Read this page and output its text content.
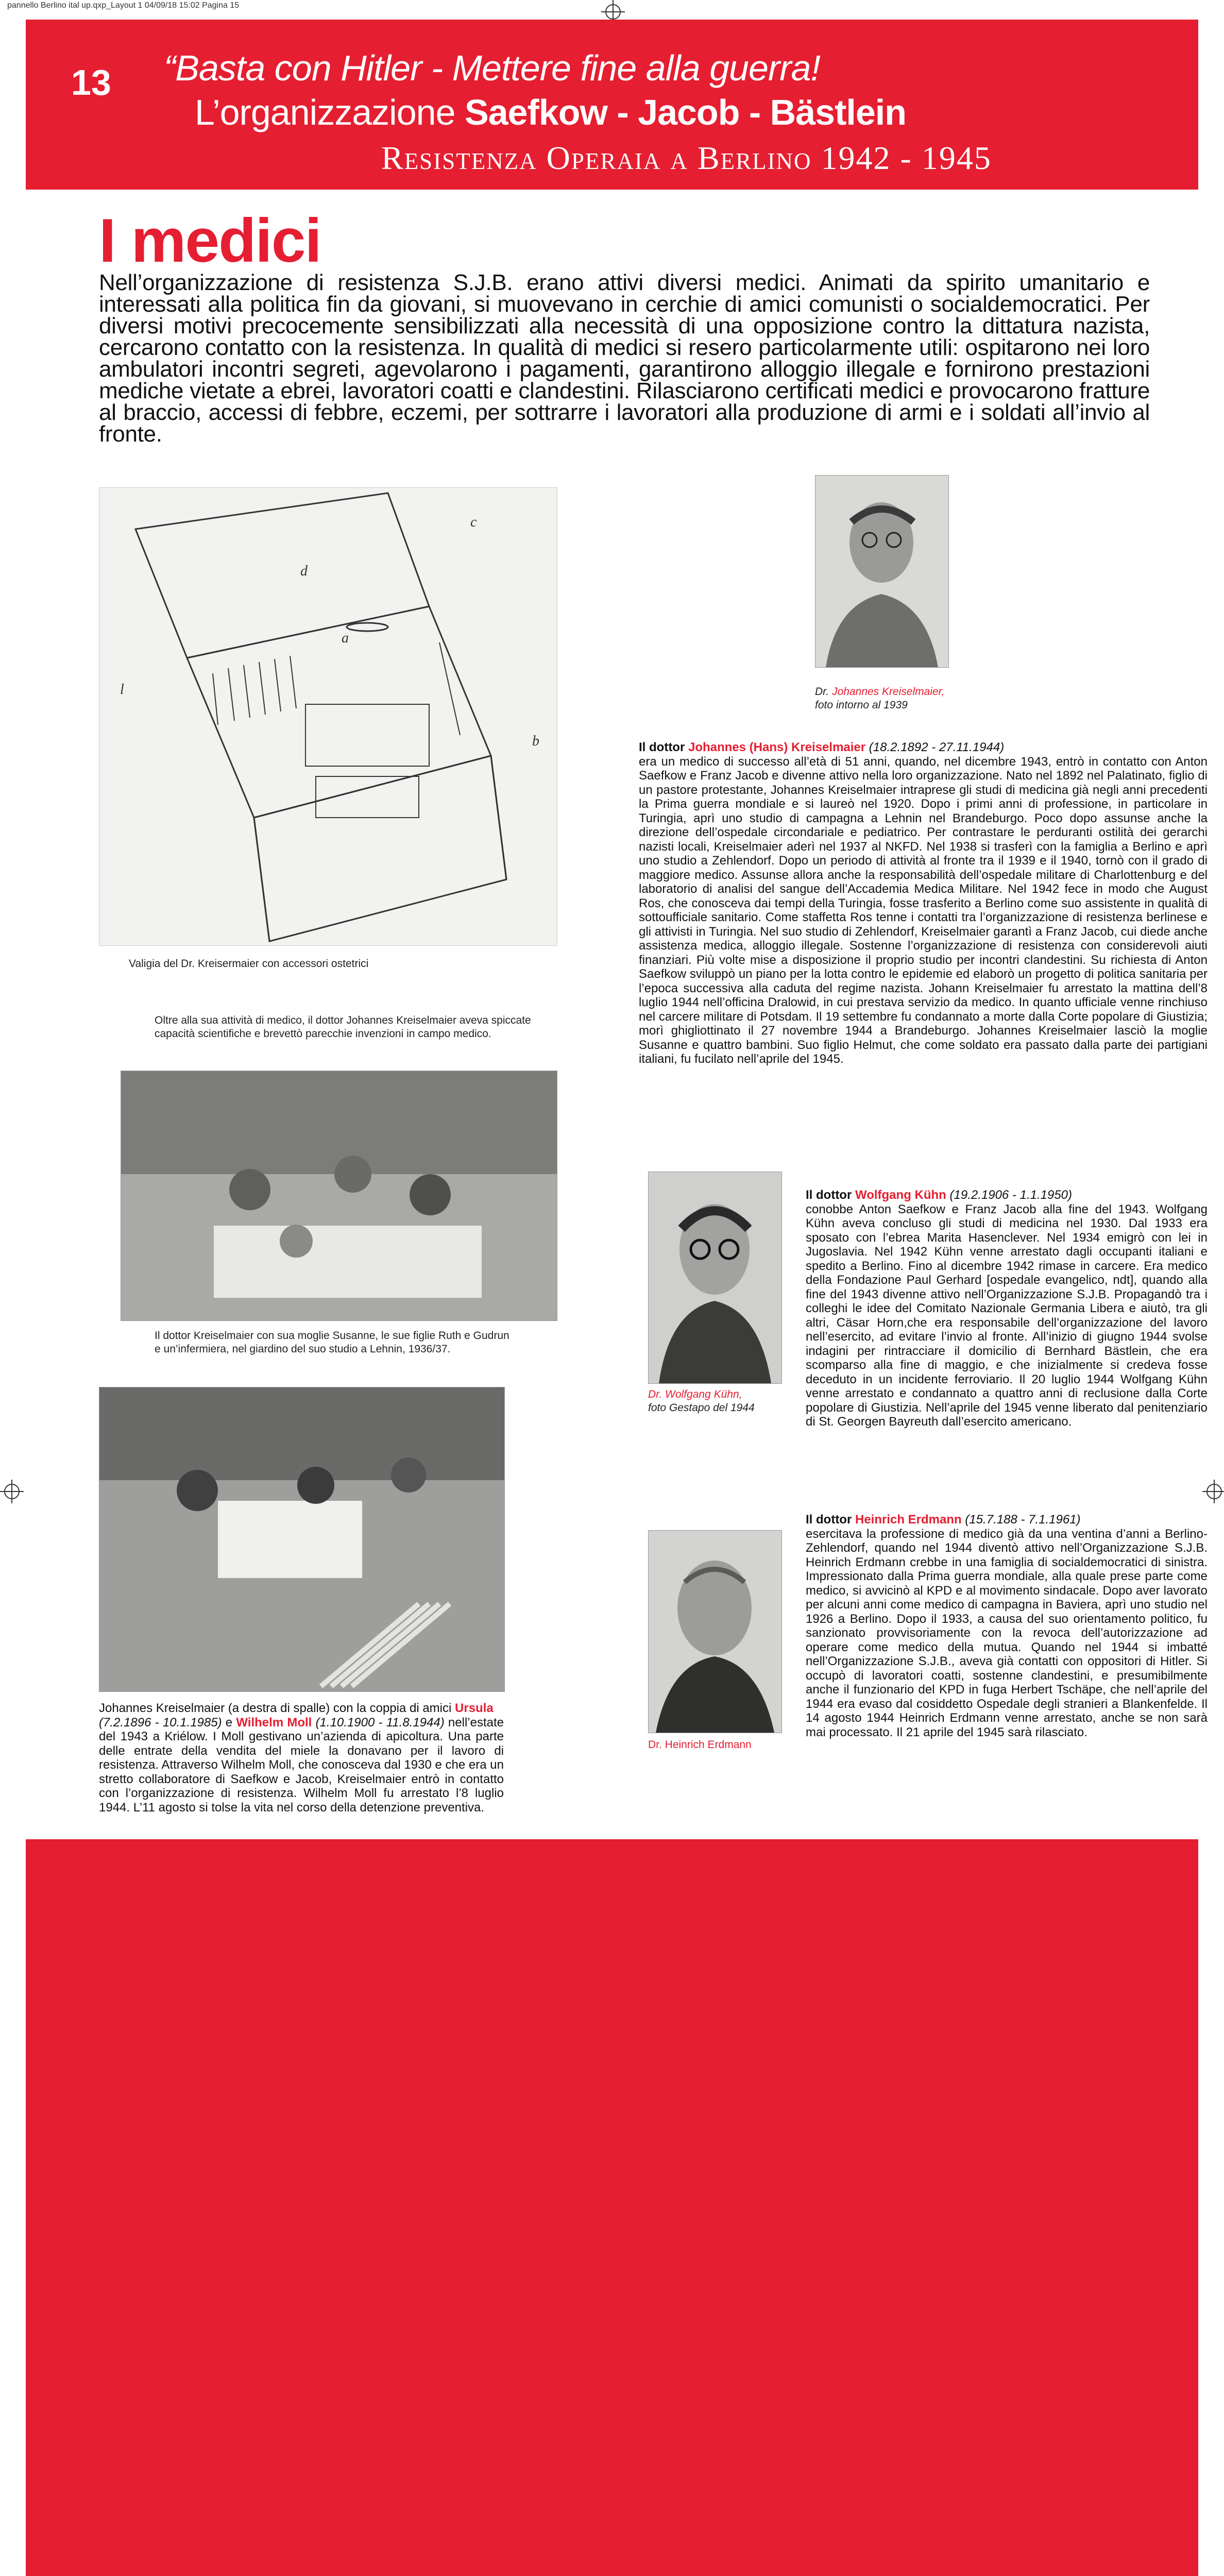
pannello Berlino ital up.qxp_Layout 1 04/09/18 15:02 Pagina 15
13 “Basta con Hitler - Mettere fine alla guerra!
L’organizzazione Saefkow - Jacob - Bästlein
Resistenza Operaia a Berlino 1942 - 1945
I medici
Nell’organizzazione di resistenza S.J.B. erano attivi diversi medici. Animati da spirito umanitario e interessati alla politica fin da giovani, si muovevano in cerchie di amici comunisti o socialdemocratici. Per diversi motivi precocemente sensibilizzati alla necessità di una opposizione contro la dittatura nazista, cercarono contatto con la resistenza. In qualità di medici si resero particolarmente utili: ospitarono nei loro ambulatori incontri segreti, agevolarono i pagamenti, garantirono alloggio illegale e fornirono prestazioni mediche vietate a ebrei, lavoratori coatti e clandestini. Rilasciarono certificati medici e provocarono fratture al braccio, accessi di febbre, eczemi, per sottrarre i lavoratori alla produzione di armi e i soldati all’invio al fronte.
c
d
a
b
l
Valigia del Dr. Kreisermaier con accessori ostetrici
Oltre alla sua attività di medico, il dottor Johannes Kreiselmaier aveva spiccate capacità scientifiche e brevettò parecchie invenzioni in campo medico.
Dr. Johannes Kreiselmaier,
foto intorno al 1939
Il dottor Johannes (Hans) Kreiselmaier (18.2.1892 - 27.11.1944)
era un medico di successo all’età di 51 anni, quando, nel dicembre 1943, entrò in contatto con Anton Saefkow e Franz Jacob e divenne attivo nella loro organizzazione. Nato nel 1892 nel Palatinato, figlio di un pastore protestante, Johannes Kreiselmaier intraprese gli studi di medicina già negli anni precedenti la Prima guerra mondiale e si laureò nel 1920. Dopo i primi anni di professione, in particolare in Turingia, aprì uno studio di campagna a Lehnin nel Brandeburgo. Poco dopo assunse anche la direzione dell’ospedale circondariale e pediatrico. Per contrastare le perduranti ostilità dei gerarchi nazisti locali, Kreiselmaier aderì nel 1937 al NKFD. Nel 1938 si trasferì con la famiglia a Berlino e aprì uno studio a Zehlendorf. Dopo un periodo di attività al fronte tra il 1939 e il 1940, tornò con il grado di maggiore medico. Assunse allora anche la responsabilità dell’ospedale militare di Charlottenburg e del laboratorio di analisi del sangue dell’Accademia Medica Militare. Nel 1942 fece in modo che August Ros, che conosceva dai tempi della Turingia, fosse trasferito a Berlino come suo assistente in qualità di sottoufficiale sanitario. Come staffetta Ros tenne i contatti tra l’organizzazione di resistenza berlinese e gli attivisti in Turingia. Nel suo studio di Zehlendorf, Kreiselmaier garantì a Franz Jacob, cui diede anche assistenza medica, alloggio illegale. Sostenne l’organizzazione di resistenza con considerevoli aiuti finanziari. Più volte mise a disposizione il proprio studio per incontri clandestini. Su richiesta di Anton Saefkow sviluppò un piano per la lotta contro le epidemie ed elaborò un progetto di politica sanitaria per l’epoca successiva alla caduta del regime nazista. Johann Kreiselmaier fu arrestato la mattina dell’8 luglio 1944 nell’officina Dralowid, in cui prestava servizio da medico. In quanto ufficiale venne rinchiuso nel carcere militare di Potsdam. Il 19 settembre fu condannato a morte dalla Corte popolare di Giustizia; morì ghigliottinato il 27 novembre 1944 a Brandeburgo. Johannes Kreiselmaier lasciò la moglie Susanne e quattro bambini. Suo figlio Helmut, che come soldato era passato dalla parte dei partigiani italiani, fu fucilato nell’aprile del 1945.
Il dottor Kreiselmaier con sua moglie Susanne, le sue figlie Ruth e Gudrun e un’infermiera, nel giardino del suo studio a Lehnin, 1936/37.
Johannes Kreiselmaier (a destra di spalle) con la coppia di amici Ursula
(7.2.1896 - 10.1.1985) e Wilhelm Moll (1.10.1900 - 11.8.1944) nell’estate del 1943 a Kriélow. I Moll gestivano un’azienda di apicoltura. Una parte delle entrate della vendita del miele la donavano per il lavoro di resistenza. Attraverso Wilhelm Moll, che conosceva dal 1930 e che era un stretto collaboratore di Saefkow e Jacob, Kreiselmaier entrò in contatto con l’organizzazione di resistenza. Wilhelm Moll fu arrestato l’8 luglio 1944. L’11 agosto si tolse la vita nel corso della detenzione preventiva.
Dr. Wolfgang Kühn,
foto Gestapo del 1944
Il dottor Wolfgang Kühn (19.2.1906 - 1.1.1950)
conobbe Anton Saefkow e Franz Jacob alla fine del 1943. Wolfgang Kühn aveva concluso gli studi di medicina nel 1930. Dal 1933 era sposato con l’ebrea Marita Hasenclever. Nel 1934 emigrò con lei in Jugoslavia. Nel 1942 Kühn venne arrestato dagli occupanti italiani e spedito a Berlino. Fino al dicembre 1942 rimase in carcere. Era medico della Fondazione Paul Gerhard [ospedale evangelico, ndt], quando alla fine del 1943 divenne attivo nell’Organizzazione S.J.B. Propagandò tra i colleghi le idee del Comitato Nazionale Germania Libera e aiutò, tra gli altri, Cäsar Horn,che era responsabile dell’organizzazione del lavoro nell’esercito, ad evitare l’invio al fronte. All’inizio di giugno 1944 svolse indagini per rintracciare il domicilio di Bernhard Bästlein, che era scomparso alla fine di maggio, e che inizialmente si credeva fosse deceduto in un incidente ferroviario. Il 20 luglio 1944 Wolfgang Kühn venne arrestato e condannato a quattro anni di reclusione dalla Corte popolare di Giustizia. Nell’aprile del 1945 venne liberato dal penitenziario di St. Georgen Bayreuth dall’esercito americano.
Dr. Heinrich Erdmann
Il dottor Heinrich Erdmann (15.7.188 - 7.1.1961)
esercitava la professione di medico già da una ventina d’anni a Berlino-Zehlendorf, quando nel 1944 diventò attivo nell’Organizzazione S.J.B. Heinrich Erdmann crebbe in una famiglia di socialdemocratici di sinistra. Impressionato dalla Prima guerra mondiale, alla quale prese parte come medico, si avvicinò al KPD e al movimento sindacale. Dopo aver lavorato per alcuni anni come medico di campagna in Baviera, aprì uno studio nel 1926 a Berlino. Dopo il 1933, a causa del suo orientamento politico, fu sanzionato provvisoriamente con la revoca dell’autorizzazione ad operare come medico della mutua. Quando nel 1944 si imbatté nell’Organizzazione S.J.B., aveva già contatti con oppositori di Hitler. Si occupò di lavoratori coatti, sostenne clandestini, e presumibilmente anche il funzionario del KPD in fuga Herbert Tschäpe, che nell’aprile del 1944 era evaso dal cosiddetto Ospedale degli stranieri a Blankenfelde. Il 14 agosto 1944 Heinrich Erdmann venne arrestato, anche se non sarà mai processato. Il 21 aprile del 1945 sarà rilasciato.
